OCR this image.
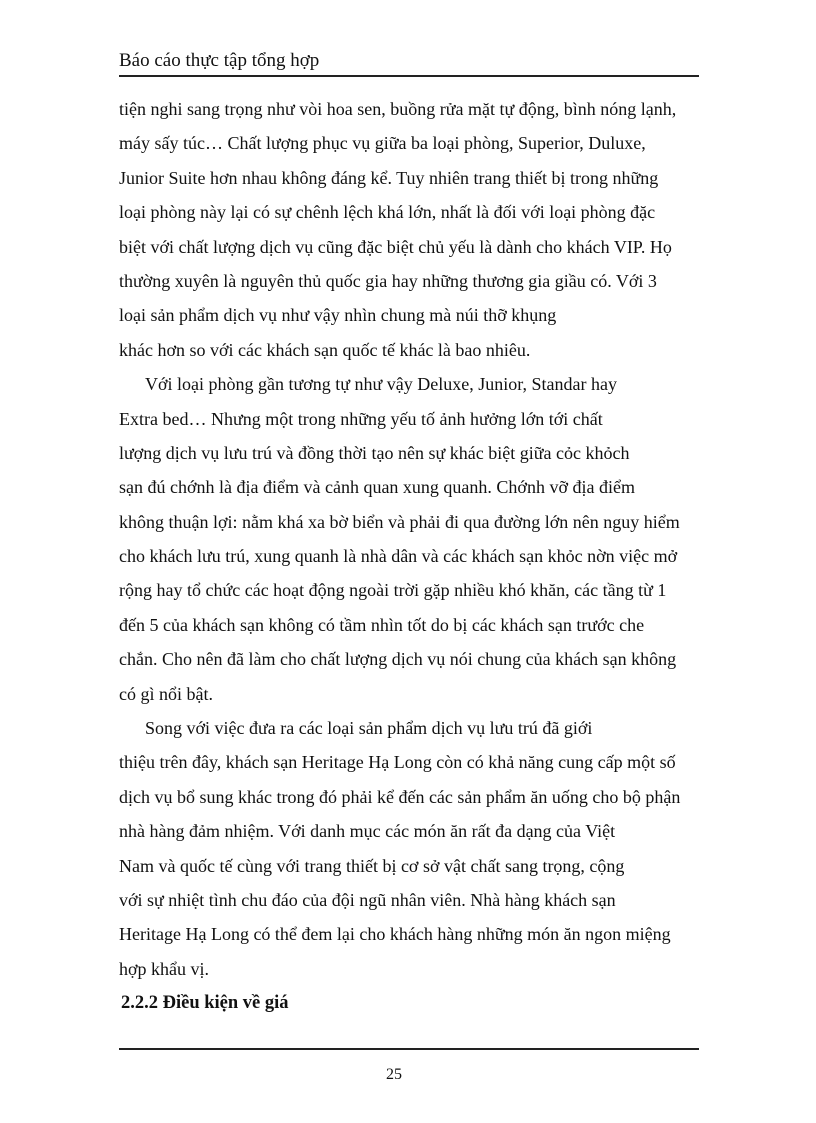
Báo cáo thực tập tổng hợp
tiện nghi sang trọng như vòi hoa sen, buồng rửa mặt tự động, bình nóng lạnh,
máy sấy túc… Chất lượng phục vụ giữa ba loại phòng, Superior, Duluxe,
Junior Suite hơn nhau không đáng kể. Tuy nhiên trang thiết bị trong những
loại phòng này lại có sự chênh lệch khá lớn, nhất là đối với loại phòng đặc
biệt với chất lượng dịch vụ cũng đặc biệt chủ yếu là dành cho khách VIP. Họ
thường xuyên là nguyên thủ quốc gia hay những thương gia giầu có. Với 3
loại sản phẩm dịch vụ như vậy nhìn chung mà núi thỡ khụng
khác hơn so với các khách sạn quốc tế khác là bao nhiêu.
Với loại phòng gần tương tự như vậy Deluxe, Junior, Standar hay
Extra bed… Nhưng một trong những yếu tố ảnh hưởng lớn tới chất
lượng dịch vụ lưu trú và đồng thời tạo nên sự khác biệt giữa cỏc khỏch
sạn đú chớnh là địa điểm và cảnh quan xung quanh. Chớnh vỡ địa điểm
không thuận lợi: nằm khá xa bờ biển và phải đi qua đường lớn nên nguy hiểm
cho khách lưu trú, xung quanh là nhà dân và các khách sạn khỏc nờn việc mở
rộng hay tổ chức các hoạt động ngoài trời gặp nhiều khó khăn, các tầng từ 1
đến 5 của khách sạn không có tầm nhìn tốt do bị các khách sạn trước che
chắn. Cho nên đã làm cho chất lượng dịch vụ nói chung của khách sạn không
có gì nổi bật.
Song với việc đưa ra các loại sản phẩm dịch vụ lưu trú đã giới
thiệu trên đây, khách sạn Heritage Hạ Long còn có khả năng cung cấp một số
dịch vụ bổ sung khác trong đó phải kể đến các sản phẩm ăn uống cho bộ phận
nhà hàng đảm nhiệm. Với danh mục các món ăn rất đa dạng của Việt
Nam và quốc tế cùng với trang thiết bị cơ sở vật chất sang trọng, cộng
với sự nhiệt tình chu đáo của đội ngũ nhân viên. Nhà hàng khách sạn
Heritage Hạ Long có thể đem lại cho khách hàng những món ăn ngon miệng
hợp khẩu vị.
2.2.2 Điều kiện về giá
25
